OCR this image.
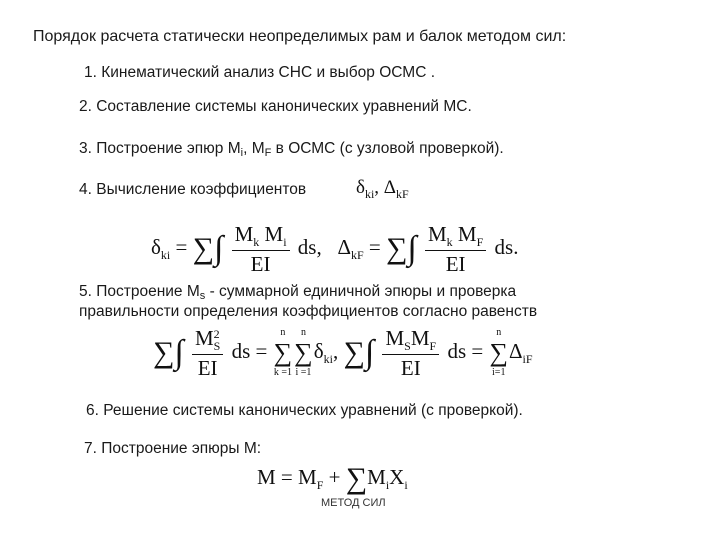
Порядок расчета статически неопределимых рам и балок методом сил:
1. Кинематический анализ СНС и выбор ОСМС .
2. Составление системы канонических уравнений МС.
3. Построение эпюр Mi, MF в ОСМС (с узловой проверкой).
4. Вычисление коэффициентов	$\delta_{ki}$, $\Delta_{kF}$
$\delta_{ki}$ = ∑∫ $\frac{M_k M_i}{EI}$ ds, $\Delta_{kF}$ = ∑∫ $\frac{M_k M_F}{EI}$ ds.
5. Построение Ms - суммарной единичной эпюры и проверка
правильности определения коэффициентов согласно равенств
∑∫ $\frac{M^2_S}{EI}$ ds =
n
∑
k =1
n
∑
i =1
$\delta_{ki}$, ∑∫ $\frac{M_SM_F}{EI}$ ds =
n
∑
i=1
$\Delta_{iF}$
6. Решение системы канонических уравнений (с проверкой).
7. Построение эпюры М:
$M = M_F + \sum M_iX_i$
МЕТОД СИЛ
